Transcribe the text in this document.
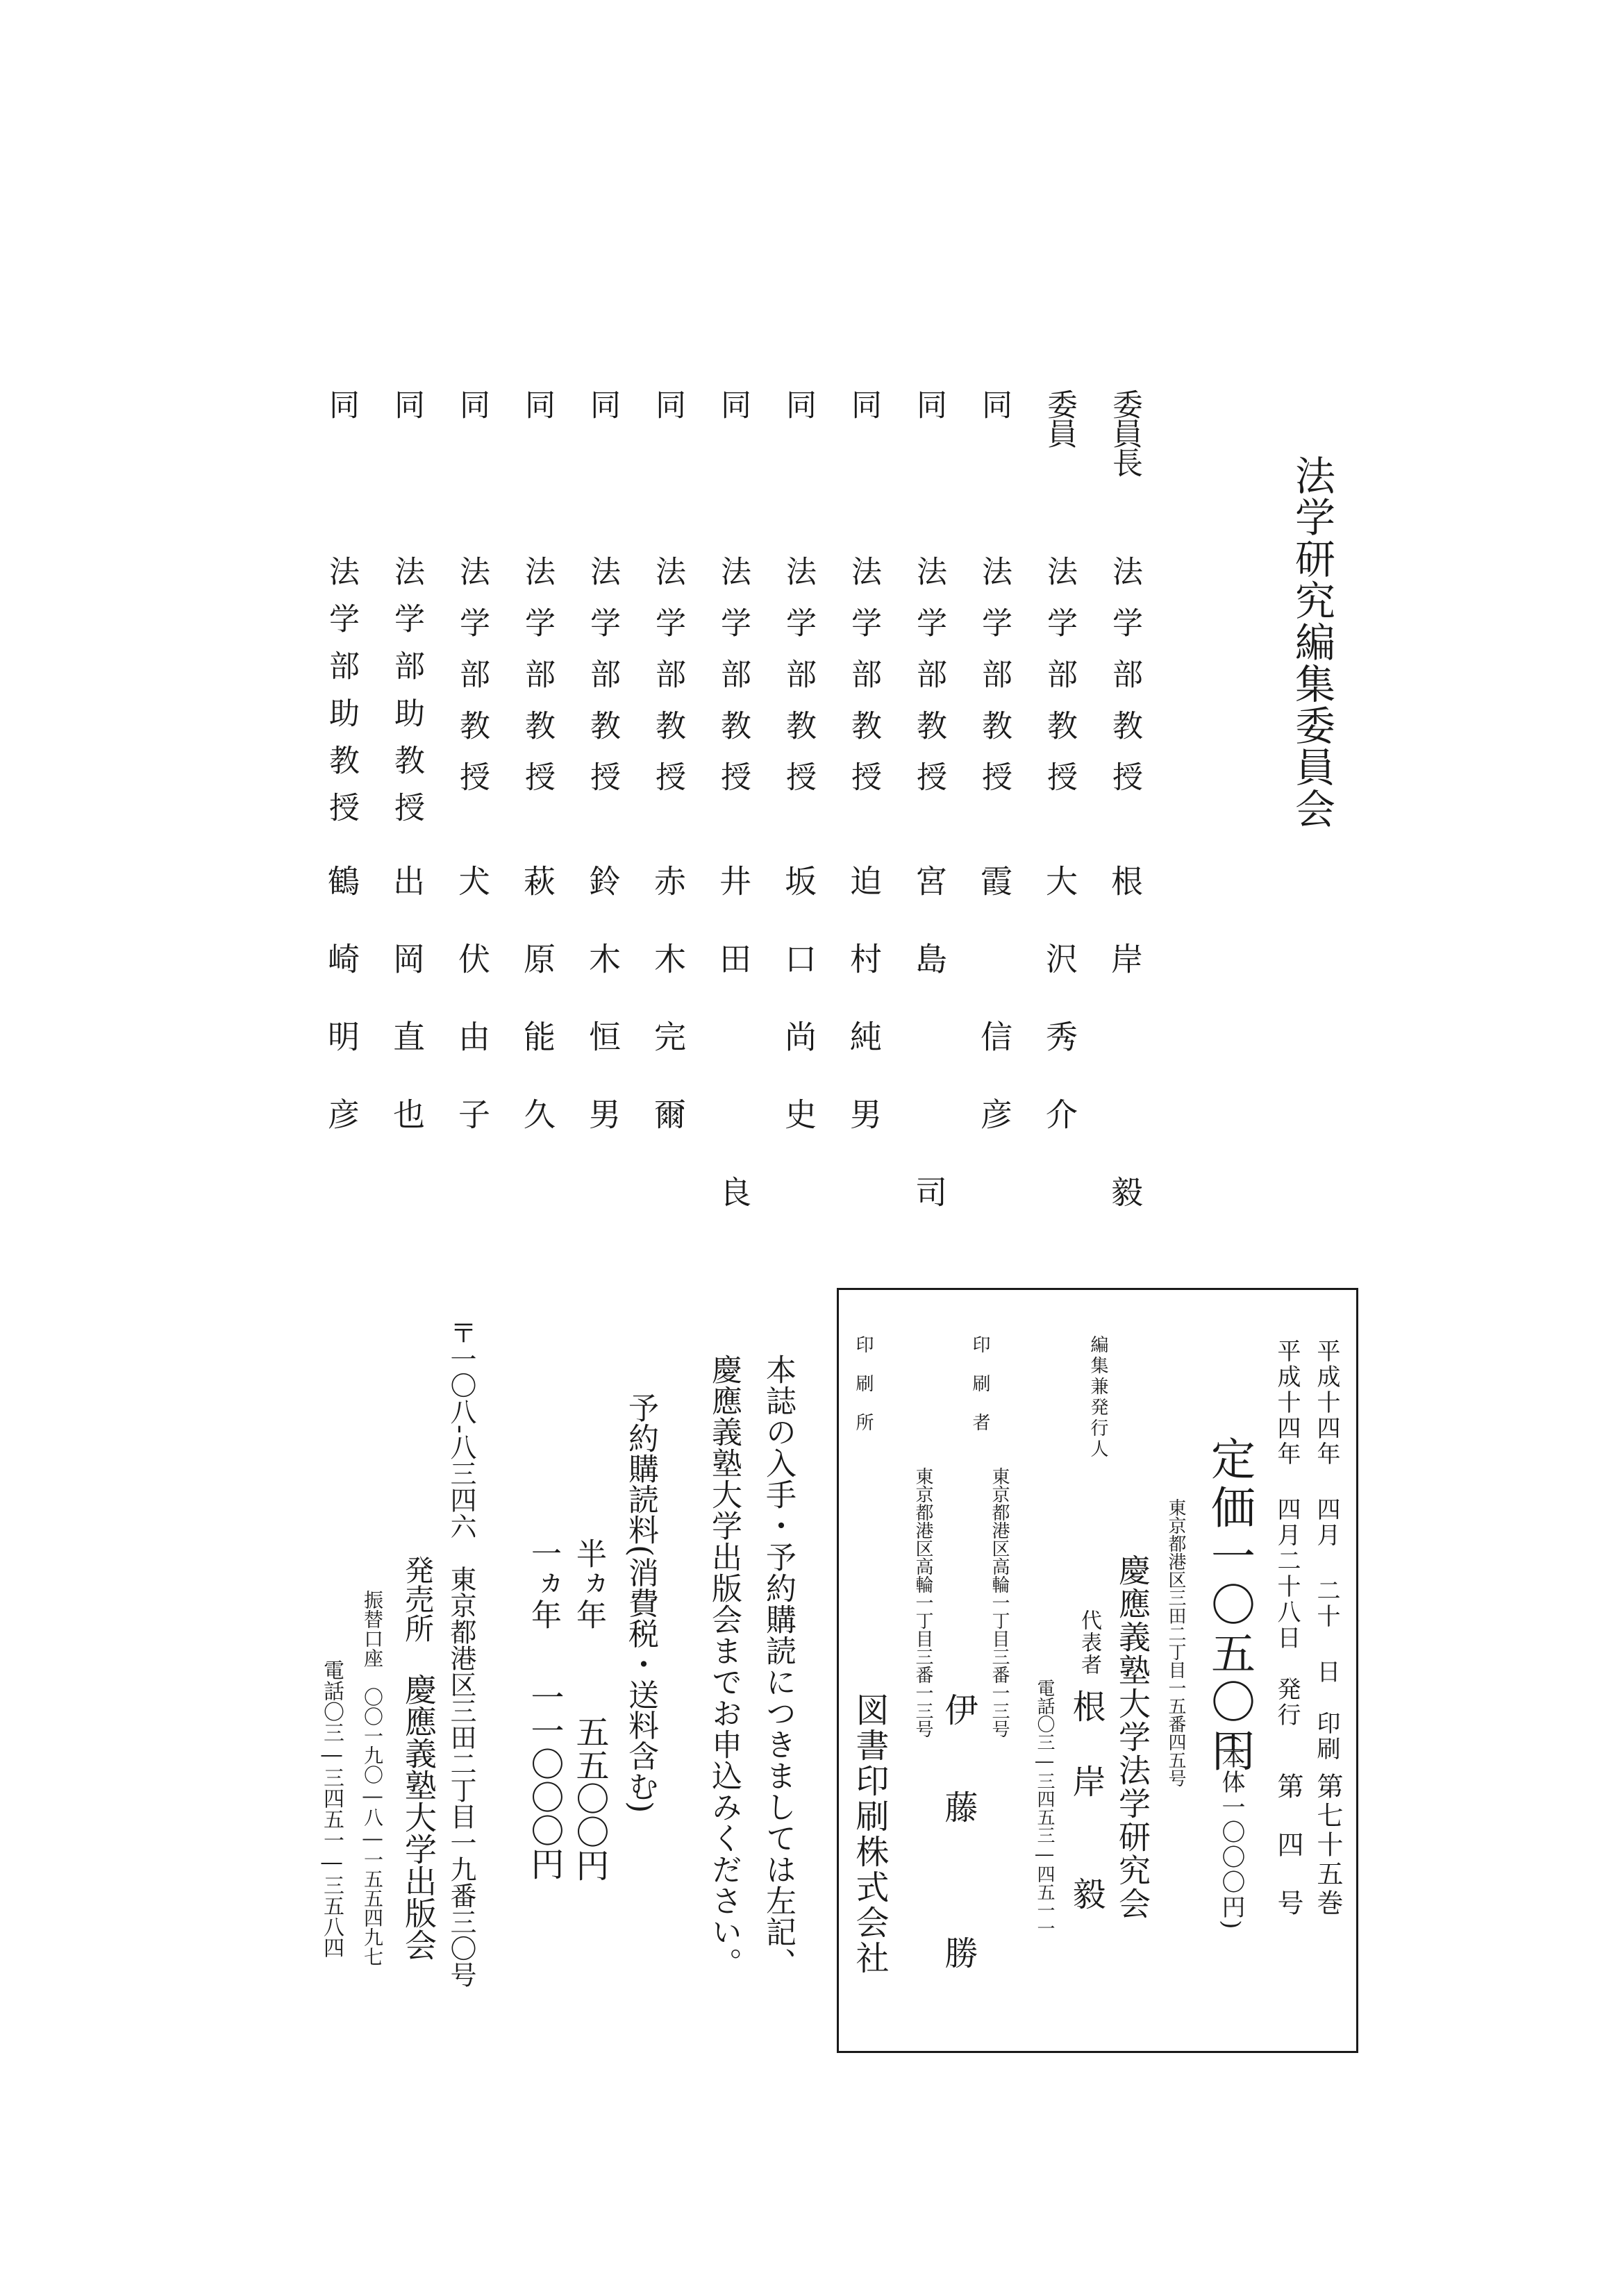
法学研究編集委員会
委員長
法学部教授
根岸　　毅
委員
法学部教授
大沢秀介
同
法学部教授
霞　信彦
同
法学部教授
宮島　　司
同
法学部教授
迫村純男
同
法学部教授
坂口尚史
同
法学部教授
井田　　良
同
法学部教授
赤木完爾
同
法学部教授
鈴木恒男
同
法学部教授
萩原能久
同
法学部教授
犬伏由子
同
法学部助教授
出岡直也
同
法学部助教授
鶴崎明彦
平成十四年 四月 二十 日　印刷
第七十五巻
平成十四年 四月二十八日　発行
第　四　号
定価一〇五〇円
(本体一〇〇〇円)
東京都港区三田二丁目一五番四五号
慶應義塾大学法学研究会
編集兼発行人
代表者
根　岸　　毅
電話〇三―三四五三―四五一一
東京都港区高輪一丁目三番一三号
印刷者
伊　藤　　勝
東京都港区高輪一丁目三番一三号
印刷所
図書印刷株式会社
本誌の入手・予約購読につきましては左記、
慶應義塾大学出版会までお申込みください。
予約購読料(消費税・送料含む)
半ヵ年
五五〇〇円
一ヵ年
一一〇〇〇円
〒一〇八-八三四六　東京都港区三田二丁目一九番三〇号
発売所
慶應義塾大学出版会
振替口座　〇〇一九〇―八―一五五四九七
電話〇三―三四五一―三五八四
